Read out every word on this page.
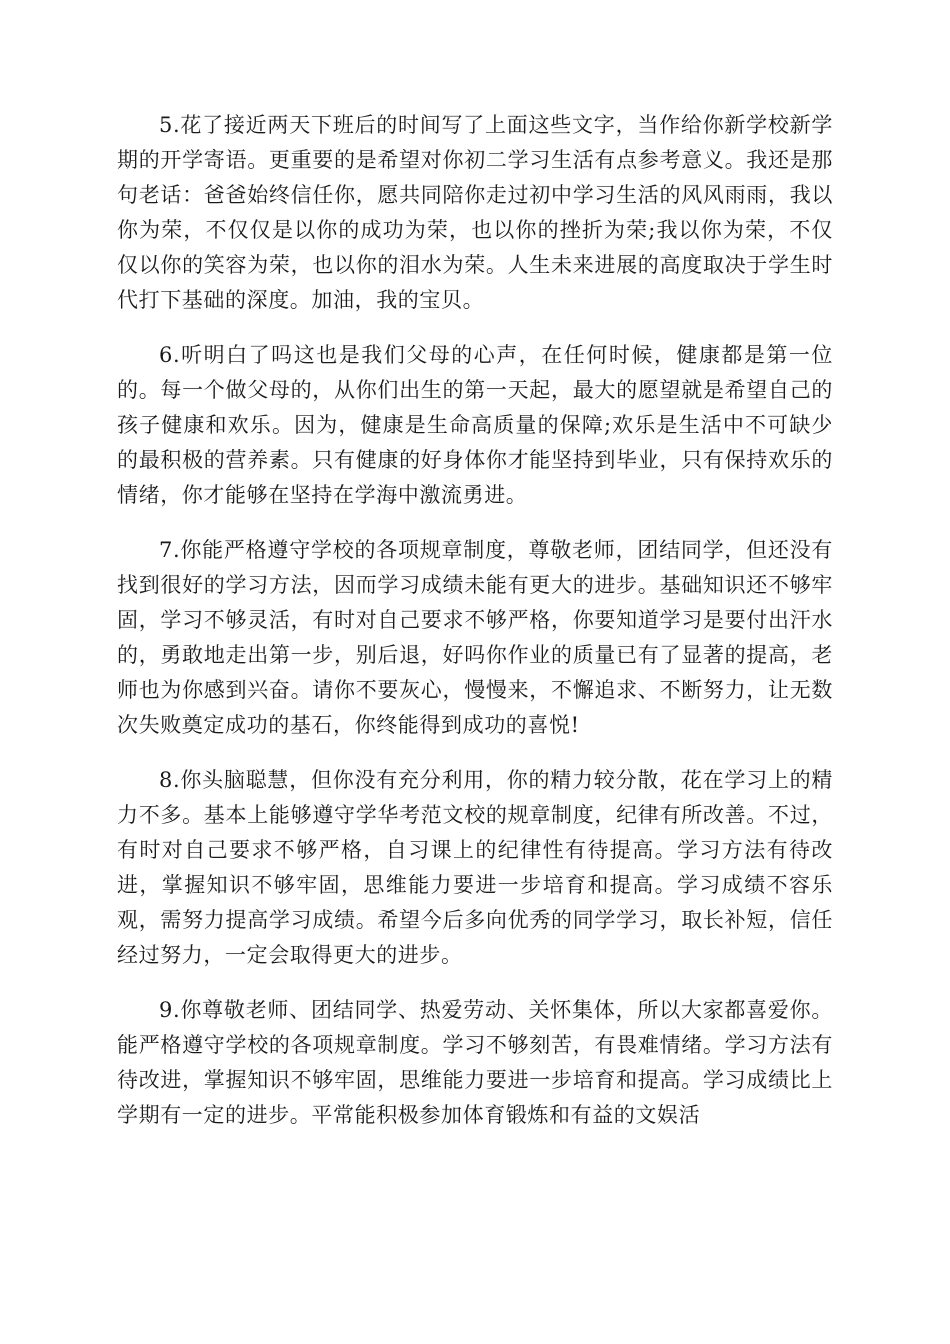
5.花了接近两天下班后的时间写了上面这些文字，当作给你新学校新学期的开学寄语。更重要的是希望对你初二学习生活有点参考意义。我还是那句老话：爸爸始终信任你，愿共同陪你走过初中学习生活的风风雨雨，我以你为荣，不仅仅是以你的成功为荣，也以你的挫折为荣;我以你为荣，不仅仅以你的笑容为荣，也以你的泪水为荣。人生未来进展的高度取决于学生时代打下基础的深度。加油，我的宝贝。

6.听明白了吗这也是我们父母的心声，在任何时候，健康都是第一位的。每一个做父母的，从你们出生的第一天起，最大的愿望就是希望自己的孩子健康和欢乐。因为，健康是生命高质量的保障;欢乐是生活中不可缺少的最积极的营养素。只有健康的好身体你才能坚持到毕业，只有保持欢乐的情绪，你才能够在坚持在学海中激流勇进。

7.你能严格遵守学校的各项规章制度，尊敬老师，团结同学，但还没有找到很好的学习方法，因而学习成绩未能有更大的进步。基础知识还不够牢固，学习不够灵活，有时对自己要求不够严格，你要知道学习是要付出汗水的，勇敢地走出第一步，别后退，好吗你作业的质量已有了显著的提高，老师也为你感到兴奋。请你不要灰心，慢慢来，不懈追求、不断努力，让无数次失败奠定成功的基石，你终能得到成功的喜悦!

8.你头脑聪慧，但你没有充分利用，你的精力较分散，花在学习上的精力不多。基本上能够遵守学华考范文校的规章制度，纪律有所改善。不过，有时对自己要求不够严格，自习课上的纪律性有待提高。学习方法有待改进，掌握知识不够牢固，思维能力要进一步培育和提高。学习成绩不容乐观，需努力提高学习成绩。希望今后多向优秀的同学学习，取长补短，信任经过努力，一定会取得更大的进步。

9.你尊敬老师、团结同学、热爱劳动、关怀集体，所以大家都喜爱你。能严格遵守学校的各项规章制度。学习不够刻苦，有畏难情绪。学习方法有待改进，掌握知识不够牢固，思维能力要进一步培育和提高。学习成绩比上学期有一定的进步。平常能积极参加体育锻炼和有益的文娱活
